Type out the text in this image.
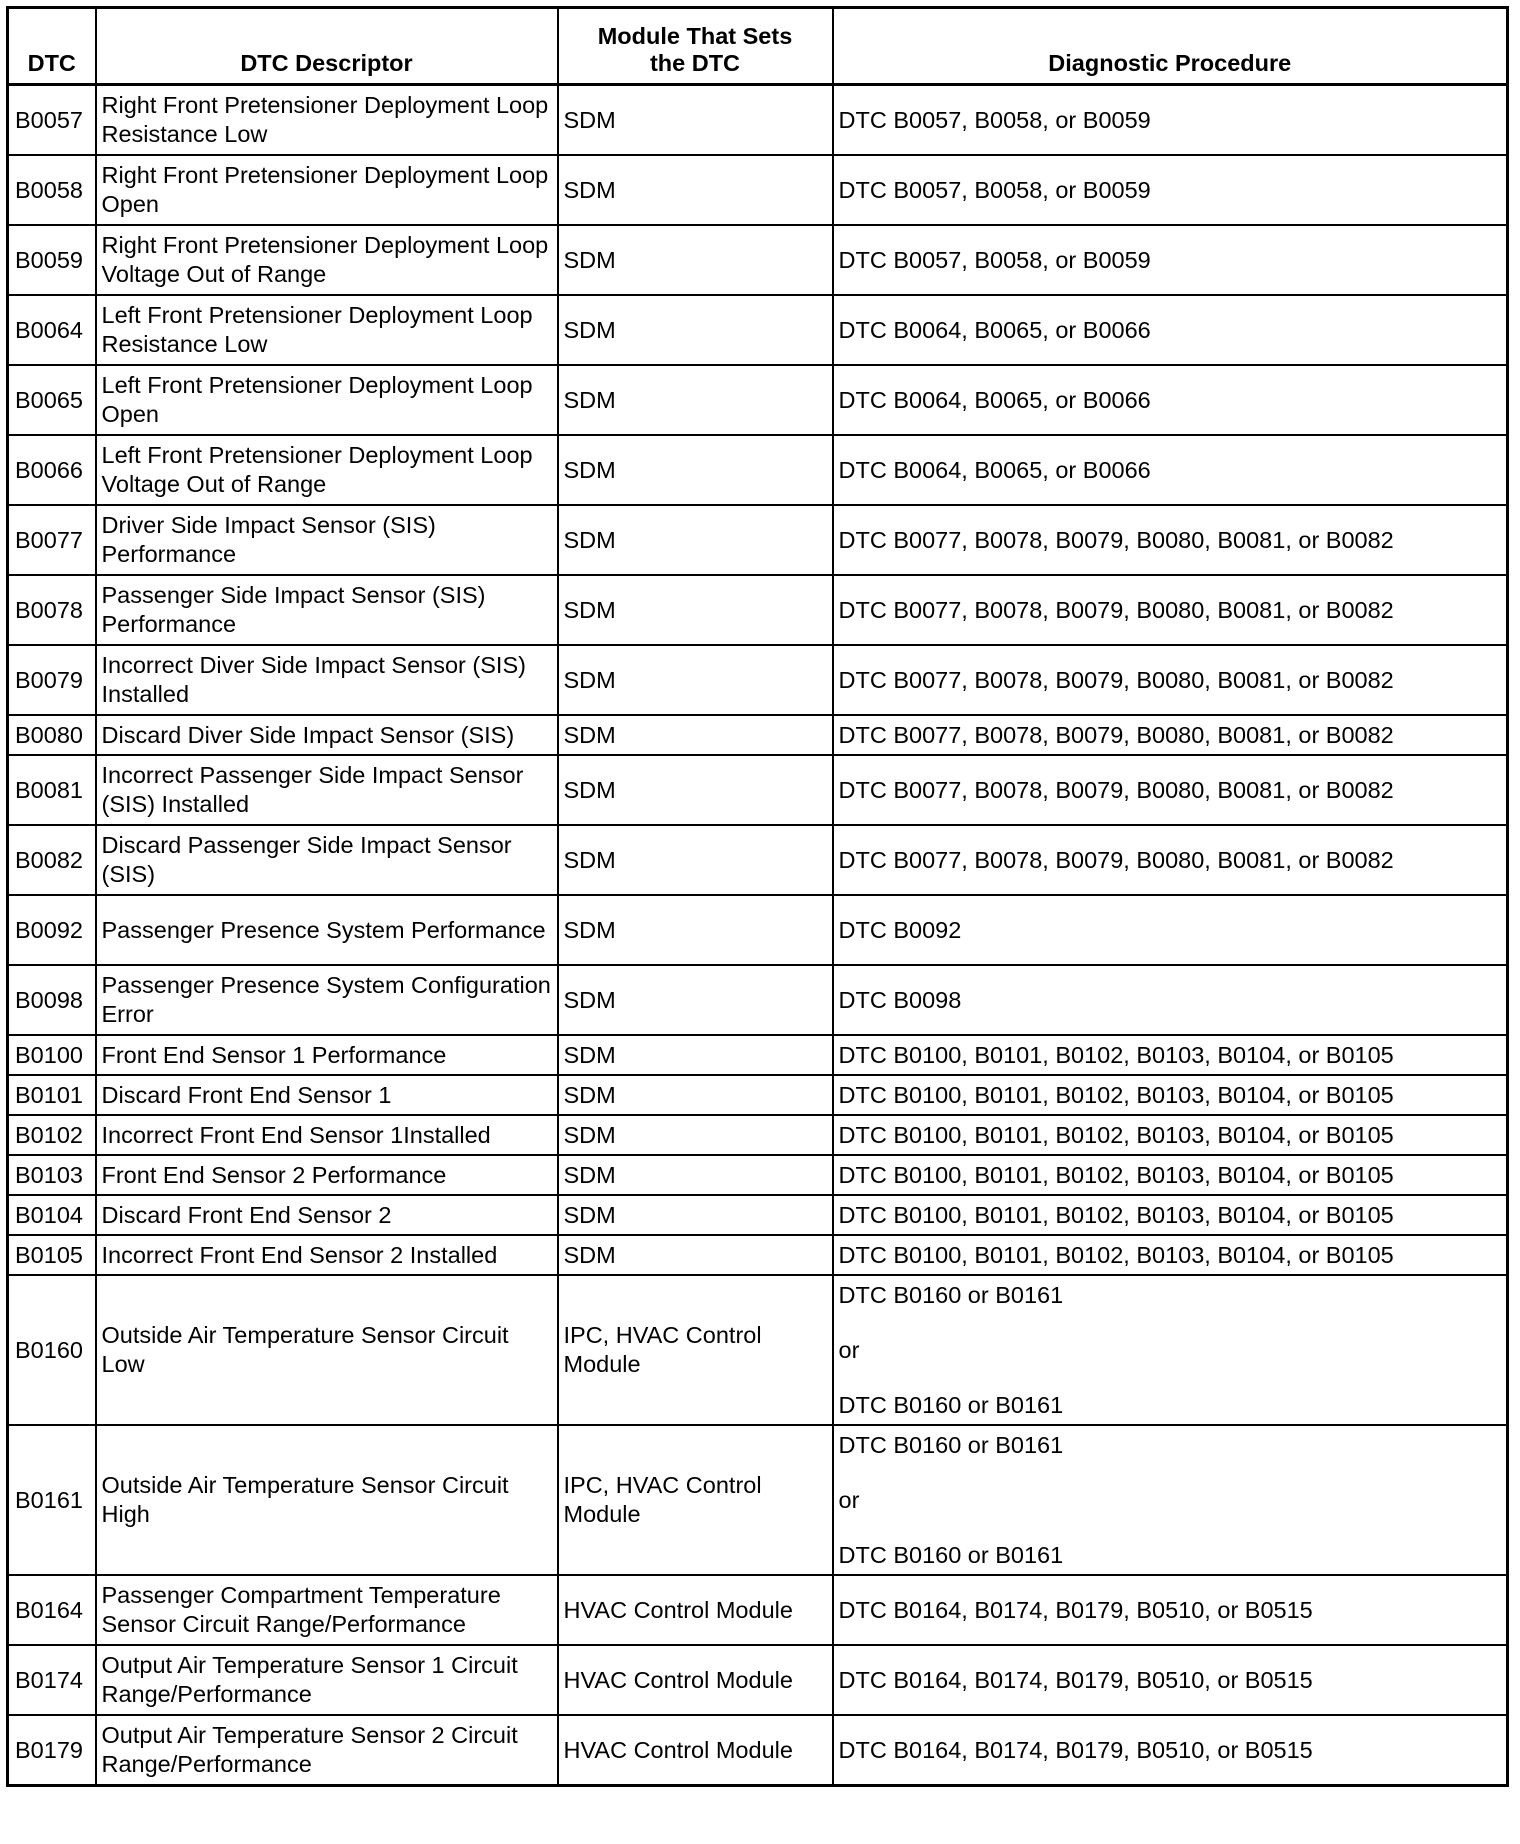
DTC	DTC Descriptor	Module That Sets the DTC	Diagnostic Procedure
B0057	Right Front Pretensioner Deployment Loop Resistance Low	SDM	DTC B0057, B0058, or B0059

B0058	Right Front Pretensioner Deployment Loop Open	SDM	DTC B0057, B0058, or B0059

B0059	Right Front Pretensioner Deployment Loop Voltage Out of Range	SDM	DTC B0057, B0058, or B0059

B0064	Left Front Pretensioner Deployment Loop Resistance Low	SDM	DTC B0064, B0065, or B0066

B0065	Left Front Pretensioner Deployment Loop Open	SDM	DTC B0064, B0065, or B0066

B0066	Left Front Pretensioner Deployment Loop Voltage Out of Range	SDM	DTC B0064, B0065, or B0066

B0077	Driver Side Impact Sensor (SIS) Performance	SDM	DTC B0077, B0078, B0079, B0080, B0081, or B0082

B0078	Passenger Side Impact Sensor (SIS) Performance	SDM	DTC B0077, B0078, B0079, B0080, B0081, or B0082

B0079	Incorrect Diver Side Impact Sensor (SIS) Installed	SDM	DTC B0077, B0078, B0079, B0080, B0081, or B0082

B0080	Discard Diver Side Impact Sensor (SIS)	SDM	DTC B0077, B0078, B0079, B0080, B0081, or B0082

B0081	Incorrect Passenger Side Impact Sensor (SIS) Installed	SDM	DTC B0077, B0078, B0079, B0080, B0081, or B0082

B0082	Discard Passenger Side Impact Sensor (SIS)	SDM	DTC B0077, B0078, B0079, B0080, B0081, or B0082

B0092	Passenger Presence System Performance	SDM	DTC B0092

B0098	Passenger Presence System Configuration Error	SDM	DTC B0098

B0100	Front End Sensor 1 Performance	SDM	DTC B0100, B0101, B0102, B0103, B0104, or B0105

B0101	Discard Front End Sensor 1	SDM	DTC B0100, B0101, B0102, B0103, B0104, or B0105

B0102	Incorrect Front End Sensor 1Installed	SDM	DTC B0100, B0101, B0102, B0103, B0104, or B0105

B0103	Front End Sensor 2 Performance	SDM	DTC B0100, B0101, B0102, B0103, B0104, or B0105

B0104	Discard Front End Sensor 2	SDM	DTC B0100, B0101, B0102, B0103, B0104, or B0105

B0105	Incorrect Front End Sensor 2 Installed	SDM	DTC B0100, B0101, B0102, B0103, B0104, or B0105

B0160	Outside Air Temperature Sensor Circuit Low	IPC, HVAC Control Module	DTC B0160 or B0161
or
DTC B0160 or B0161

B0161	Outside Air Temperature Sensor Circuit High	IPC, HVAC Control Module	DTC B0160 or B0161
or
DTC B0160 or B0161

B0164	Passenger Compartment Temperature Sensor Circuit Range/Performance	HVAC Control Module	DTC B0164, B0174, B0179, B0510, or B0515

B0174	Output Air Temperature Sensor 1 Circuit Range/Performance	HVAC Control Module	DTC B0164, B0174, B0179, B0510, or B0515

B0179	Output Air Temperature Sensor 2 Circuit Range/Performance	HVAC Control Module	DTC B0164, B0174, B0179, B0510, or B0515
